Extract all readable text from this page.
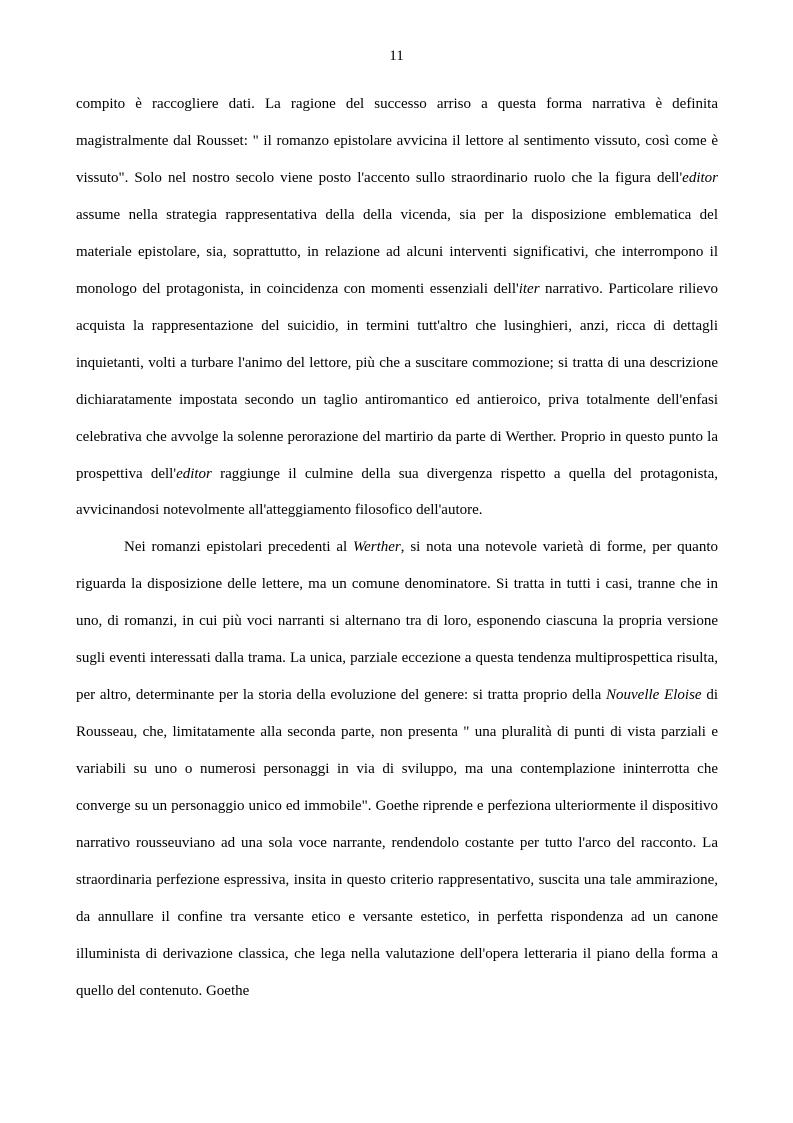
11

compito è raccogliere dati. La ragione del successo arriso a questa forma narrativa è definita magistralmente dal Rousset: " il romanzo epistolare avvicina il lettore al sentimento vissuto, così come è vissuto". Solo nel nostro secolo viene posto l'accento sullo straordinario ruolo che la figura dell'editor assume nella strategia rappresentativa della della vicenda, sia per la disposizione emblematica del materiale epistolare, sia, soprattutto, in relazione ad alcuni interventi significativi, che interrompono il monologo del protagonista, in coincidenza con momenti essenziali dell'iter narrativo. Particolare rilievo acquista la rappresentazione del suicidio, in termini tutt'altro che lusinghieri, anzi, ricca di dettagli inquietanti, volti a turbare l'animo del lettore, più che a suscitare commozione; si tratta di una descrizione dichiaratamente impostata secondo un taglio antiromantico ed antieroico, priva totalmente dell'enfasi celebrativa che avvolge la solenne perorazione del martirio da parte di Werther. Proprio in questo punto la prospettiva dell'editor raggiunge il culmine della sua divergenza rispetto a quella del protagonista, avvicinandosi notevolmente all'atteggiamento filosofico dell'autore.

Nei romanzi epistolari precedenti al Werther, si nota una notevole varietà di forme, per quanto riguarda la disposizione delle lettere, ma un comune denominatore. Si tratta in tutti i casi, tranne che in uno, di romanzi, in cui più voci narranti si alternano tra di loro, esponendo ciascuna la propria versione sugli eventi interessati dalla trama. La unica, parziale eccezione a questa tendenza multiprospettica risulta, per altro, determinante per la storia della evoluzione del genere: si tratta proprio della Nouvelle Eloise di Rousseau, che, limitatamente alla seconda parte, non presenta " una pluralità di punti di vista parziali e variabili su uno o numerosi personaggi in via di sviluppo, ma una contemplazione ininterrotta che converge su un personaggio unico ed immobile". Goethe riprende e perfeziona ulteriormente il dispositivo narrativo rousseuviano ad una sola voce narrante, rendendolo costante per tutto l'arco del racconto. La straordinaria perfezione espressiva, insita in questo criterio rappresentativo, suscita una tale ammirazione, da annullare il confine tra versante etico e versante estetico, in perfetta rispondenza ad un canone illuminista di derivazione classica, che lega nella valutazione dell'opera letteraria il piano della forma a quello del contenuto. Goethe
